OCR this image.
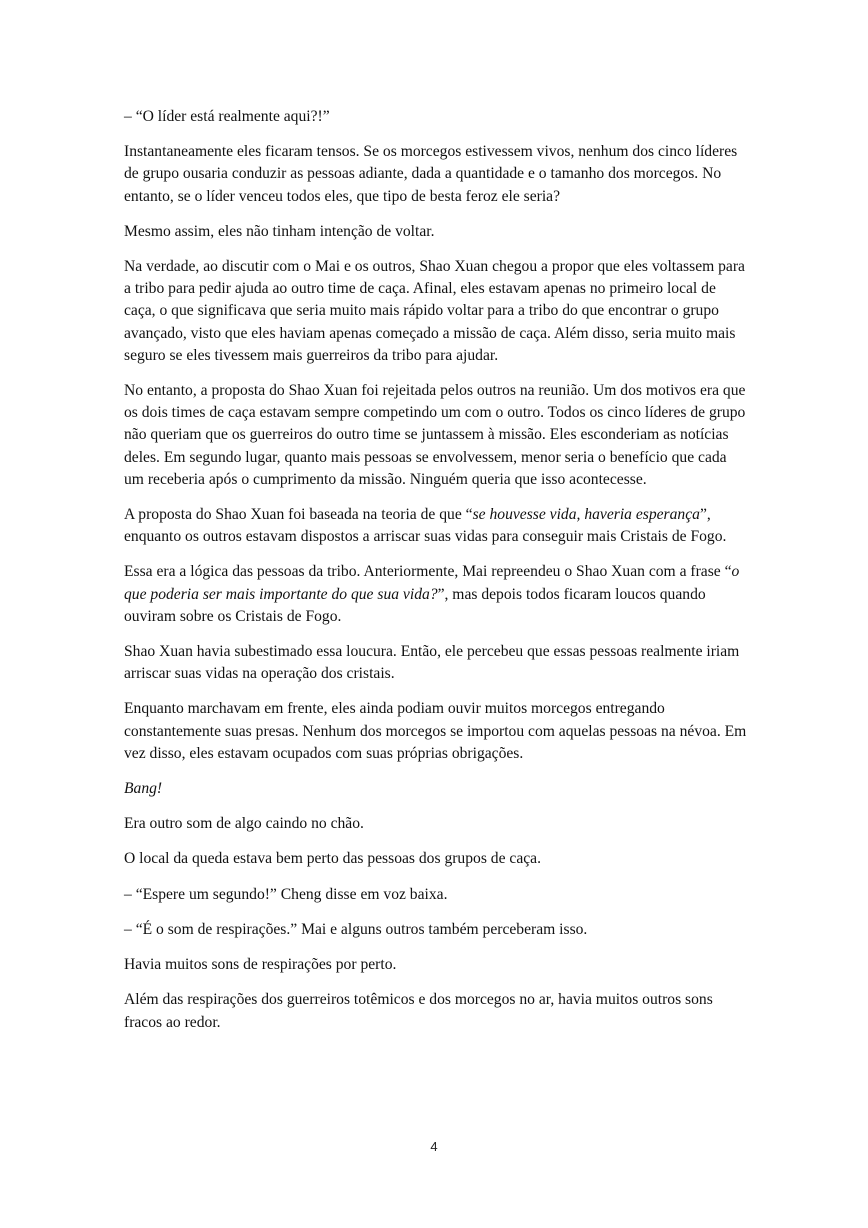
– “O líder está realmente aqui?!”

Instantaneamente eles ficaram tensos. Se os morcegos estivessem vivos, nenhum dos cinco líderes de grupo ousaria conduzir as pessoas adiante, dada a quantidade e o tamanho dos morcegos. No entanto, se o líder venceu todos eles, que tipo de besta feroz ele seria?

Mesmo assim, eles não tinham intenção de voltar.

Na verdade, ao discutir com o Mai e os outros, Shao Xuan chegou a propor que eles voltassem para a tribo para pedir ajuda ao outro time de caça. Afinal, eles estavam apenas no primeiro local de caça, o que significava que seria muito mais rápido voltar para a tribo do que encontrar o grupo avançado, visto que eles haviam apenas começado a missão de caça. Além disso, seria muito mais seguro se eles tivessem mais guerreiros da tribo para ajudar.

No entanto, a proposta do Shao Xuan foi rejeitada pelos outros na reunião. Um dos motivos era que os dois times de caça estavam sempre competindo um com o outro. Todos os cinco líderes de grupo não queriam que os guerreiros do outro time se juntassem à missão. Eles esconderiam as notícias deles. Em segundo lugar, quanto mais pessoas se envolvessem, menor seria o benefício que cada um receberia após o cumprimento da missão. Ninguém queria que isso acontecesse.

A proposta do Shao Xuan foi baseada na teoria de que “se houvesse vida, haveria esperança”, enquanto os outros estavam dispostos a arriscar suas vidas para conseguir mais Cristais de Fogo.

Essa era a lógica das pessoas da tribo. Anteriormente, Mai repreendeu o Shao Xuan com a frase “o que poderia ser mais importante do que sua vida?”, mas depois todos ficaram loucos quando ouviram sobre os Cristais de Fogo.

Shao Xuan havia subestimado essa loucura. Então, ele percebeu que essas pessoas realmente iriam arriscar suas vidas na operação dos cristais.

Enquanto marchavam em frente, eles ainda podiam ouvir muitos morcegos entregando constantemente suas presas. Nenhum dos morcegos se importou com aquelas pessoas na névoa. Em vez disso, eles estavam ocupados com suas próprias obrigações.

Bang!

Era outro som de algo caindo no chão.

O local da queda estava bem perto das pessoas dos grupos de caça.

– “Espere um segundo!” Cheng disse em voz baixa.

– “É o som de respirações.” Mai e alguns outros também perceberam isso.

Havia muitos sons de respirações por perto.

Além das respirações dos guerreiros totêmicos e dos morcegos no ar, havia muitos outros sons fracos ao redor.

4
